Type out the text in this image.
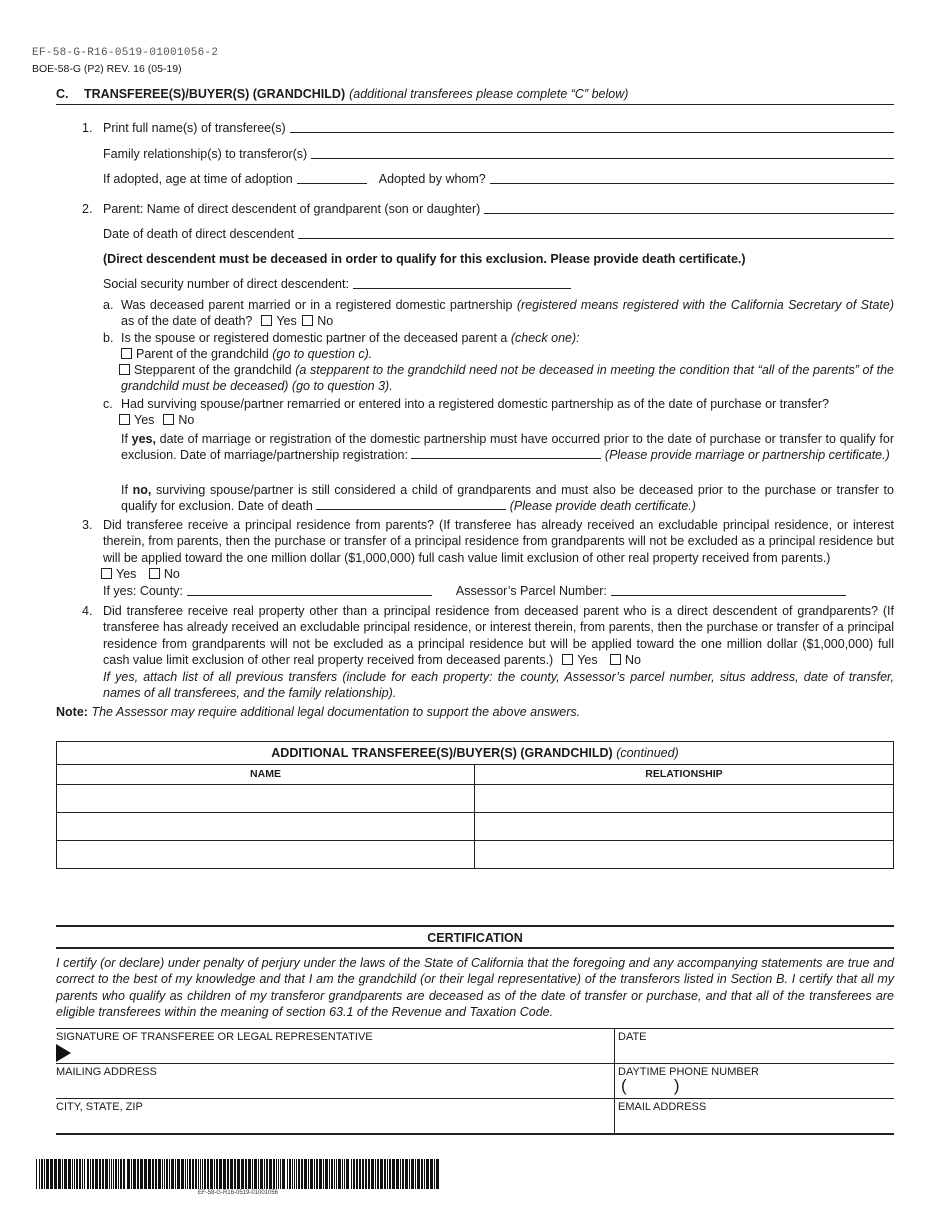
EF-58-G-R16-0519-01001056-2
BOE-58-G (P2) REV. 16 (05-19)
C.	TRANSFEREE(S)/BUYER(S) (GRANDCHILD) (additional transferees please complete “C” below)
1. Print full name(s) of transferee(s)
Family relationship(s) to transferor(s)
If adopted, age at time of adoption	Adopted by whom?
2. Parent: Name of direct descendent of grandparent (son or daughter)
Date of death of direct descendent
(Direct descendent must be deceased in order to qualify for this exclusion. Please provide death certificate.)
Social security number of direct descendent:
a. Was deceased parent married or in a registered domestic partnership (registered means registered with the California Secretary of State) as of the date of death? Yes No
b. Is the spouse or registered domestic partner of the deceased parent a (check one):
Parent of the grandchild (go to question c).
Stepparent of the grandchild (a stepparent to the grandchild need not be deceased in meeting the condition that “all of the parents” of the grandchild must be deceased) (go to question 3).
c. Had surviving spouse/partner remarried or entered into a registered domestic partnership as of the date of purchase or transfer?
Yes No
If yes, date of marriage or registration of the domestic partnership must have occurred prior to the date of purchase or transfer to qualify for exclusion. Date of marriage/partnership registration:	(Please provide marriage or partnership certificate.)
If no, surviving spouse/partner is still considered a child of grandparents and must also be deceased prior to the purchase or transfer to qualify for exclusion. Date of death	(Please provide death certificate.)
3. Did transferee receive a principal residence from parents? (If transferee has already received an excludable principal residence, or interest therein, from parents, then the purchase or transfer of a principal residence from grandparents will not be excluded as a principal residence but will be applied toward the one million dollar ($1,000,000) full cash value limit exclusion of other real property received from parents.)
Yes No
If yes: County:	Assessor’s Parcel Number:
4. Did transferee receive real property other than a principal residence from deceased parent who is a direct descendent of grandparents? (If transferee has already received an excludable principal residence, or interest therein, from parents, then the purchase or transfer of a principal residence from grandparents will not be excluded as a principal residence but will be applied toward the one million dollar ($1,000,000) full cash value limit exclusion of other real property received from deceased parents.) Yes No
If yes, attach list of all previous transfers (include for each property: the county, Assessor’s parcel number, situs address, date of transfer, names of all transferees, and the family relationship).
Note: The Assessor may require additional legal documentation to support the above answers.
ADDITIONAL TRANSFEREE(S)/BUYER(S) (GRANDCHILD) (continued)	
NAME	RELATIONSHIP

CERTIFICATION
I certify (or declare) under penalty of perjury under the laws of the State of California that the foregoing and any accompanying statements are true and correct to the best of my knowledge and that I am the grandchild (or their legal representative) of the transferors listed in Section B. I certify that all my parents who qualify as children of my transferor grandparents are deceased as of the date of transfer or purchase, and that all of the transferees are eligible transferees within the meaning of section 63.1 of the Revenue and Taxation Code.
SIGNATURE OF TRANSFEREE OR LEGAL REPRESENTATIVE	DATE
MAILING ADDRESS	DAYTIME PHONE NUMBER
(          )
CITY, STATE, ZIP	EMAIL ADDRESS
EF-58-G-R16-0519-01001056
